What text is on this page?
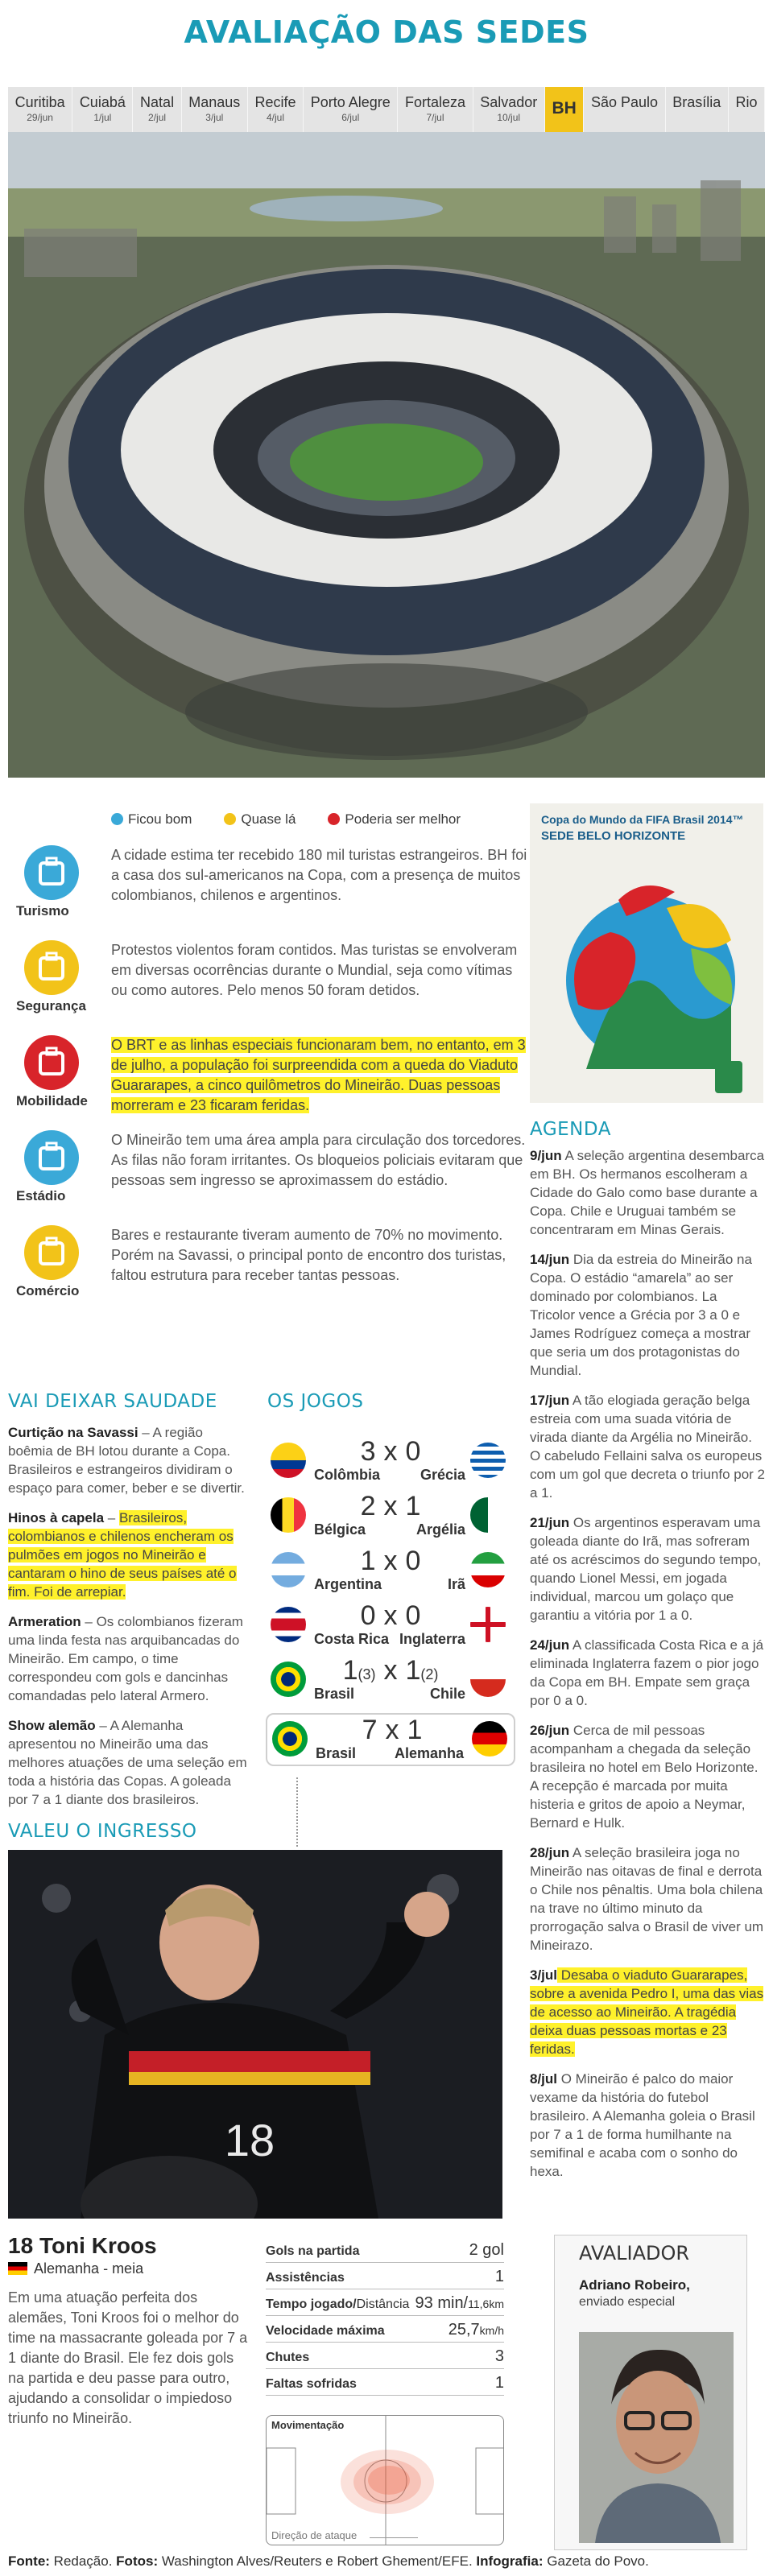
AVALIAÇÃO DAS SEDES
Curitiba
29/jun
Cuiabá
1/jul
Natal
2/jul
Manaus
3/jul
Recife
4/jul
Porto Alegre
6/jul
Fortaleza
7/jul
Salvador
10/jul	BH	São Paulo	Brasília	Rio
Ficou bom	Quase lá	Poderia ser melhor
Turismo
A cidade estima ter recebido 180 mil turistas estrangeiros. BH foi a casa dos sul-americanos na Copa, com a presença de muitos colombianos, chilenos e argentinos.
Segurança
Protestos violentos foram contidos. Mas turistas se envolveram em diversas ocorrências durante o Mundial, seja como vítimas ou como autores. Pelo menos 50 foram detidos.
Mobilidade
O BRT e as linhas especiais funcionaram bem, no entanto, em 3 de julho, a população foi surpreendida com a queda do Viaduto Guararapes, a cinco quilômetros do Mineirão. Duas pessoas morreram e 23 ficaram feridas.
Estádio
O Mineirão tem uma área ampla para circulação dos torcedores. As filas não foram irritantes. Os bloqueios policiais evitaram que pessoas sem ingresso se aproximassem do estádio.
Comércio
Bares e restaurante tiveram aumento de 70% no movimento. Porém na Savassi, o principal ponto de encontro dos turistas, faltou estrutura para receber tantas pessoas.
Copa do Mundo da FIFA Brasil 2014™
SEDE BELO HORIZONTE
VAI DEIXAR SAUDADE

Curtição na Savassi – A região boêmia de BH lotou durante a Copa. Brasileiros e estrangeiros dividiram o espaço para comer, beber e se divertir.

Hinos à capela – Brasileiros, colombianos e chilenos encheram os pulmões em jogos no Mineirão e cantaram o hino de seus países até o fim. Foi de arrepiar.

Armeration – Os colombianos fizeram uma linda festa nas arquibancadas do Mineirão. Em campo, o time correspondeu com gols e dancinhas comandadas pelo lateral Armero.

Show alemão – A Alemanha apresentou no Mineirão uma das melhores atuações de uma seleção em toda a história das Copas. A goleada por 7 a 1 diante dos brasileiros.

OS JOGOS
3 x 0
Colômbia	Grécia
2 x 1
Bélgica	Argélia
1 x 0
Argentina	Irã
0 x 0
Costa Rica Inglaterra
1(3) x 1(2)
Brasil	Chile
7 x 1
Brasil	Alemanha
VALEU O INGRESSO
18
18 Toni Kroos
Alemanha - meia
Em uma atuação perfeita dos alemães, Toni Kroos foi o melhor do time na massacrante goleada por 7 a 1 diante do Brasil. Ele fez dois gols na partida e deu passe para outro, ajudando a consolidar o impiedoso triunfo no Mineirão.
Gols na partida	2 gol
Assistências	1
Tempo jogado/Distância 93 min/11,6km
Velocidade máxima	25,7km/h
Chutes	3
Faltas sofridas	1
Movimentação
Direção de ataque
AGENDA

9/jun A seleção argentina desembarca em BH. Os hermanos escolheram a Cidade do Galo como base durante a Copa. Chile e Uruguai também se concentraram em Minas Gerais.

14/jun Dia da estreia do Mineirão na Copa. O estádio “amarela” ao ser dominado por colombianos. La Tricolor vence a Grécia por 3 a 0 e James Rodríguez começa a mostrar que seria um dos protagonistas do Mundial.

17/jun A tão elogiada geração belga estreia com uma suada vitória de virada diante da Argélia no Mineirão. O cabeludo Fellaini salva os europeus com um gol que decreta o triunfo por 2 a 1.

21/jun Os argentinos esperavam uma goleada diante do Irã, mas sofreram até os acréscimos do segundo tempo, quando Lionel Messi, em jogada individual, marcou um golaço que garantiu a vitória por 1 a 0.

24/jun A classificada Costa Rica e a já eliminada Inglaterra fazem o pior jogo da Copa em BH. Empate sem graça por 0 a 0.

26/jun Cerca de mil pessoas acompanham a chegada da seleção brasileira no hotel em Belo Horizonte. A recepção é marcada por muita histeria e gritos de apoio a Neymar, Bernard e Hulk.

28/jun A seleção brasileira joga no Mineirão nas oitavas de final e derrota o Chile nos pênaltis. Uma bola chilena na trave no último minuto da prorrogação salva o Brasil de viver um Mineirazo.

3/jul Desaba o viaduto Guararapes, sobre a avenida Pedro I, uma das vias de acesso ao Mineirão. A tragédia deixa duas pessoas mortas e 23 feridas.

8/jul O Mineirão é palco do maior vexame da história do futebol brasileiro. A Alemanha goleia o Brasil por 7 a 1 de forma humilhante na semifinal e acaba com o sonho do hexa.

AVALIADOR
Adriano Robeiro,
enviado especial
Fonte: Redação. Fotos: Washington Alves/Reuters e Robert Ghement/EFE. Infografia: Gazeta do Povo.
